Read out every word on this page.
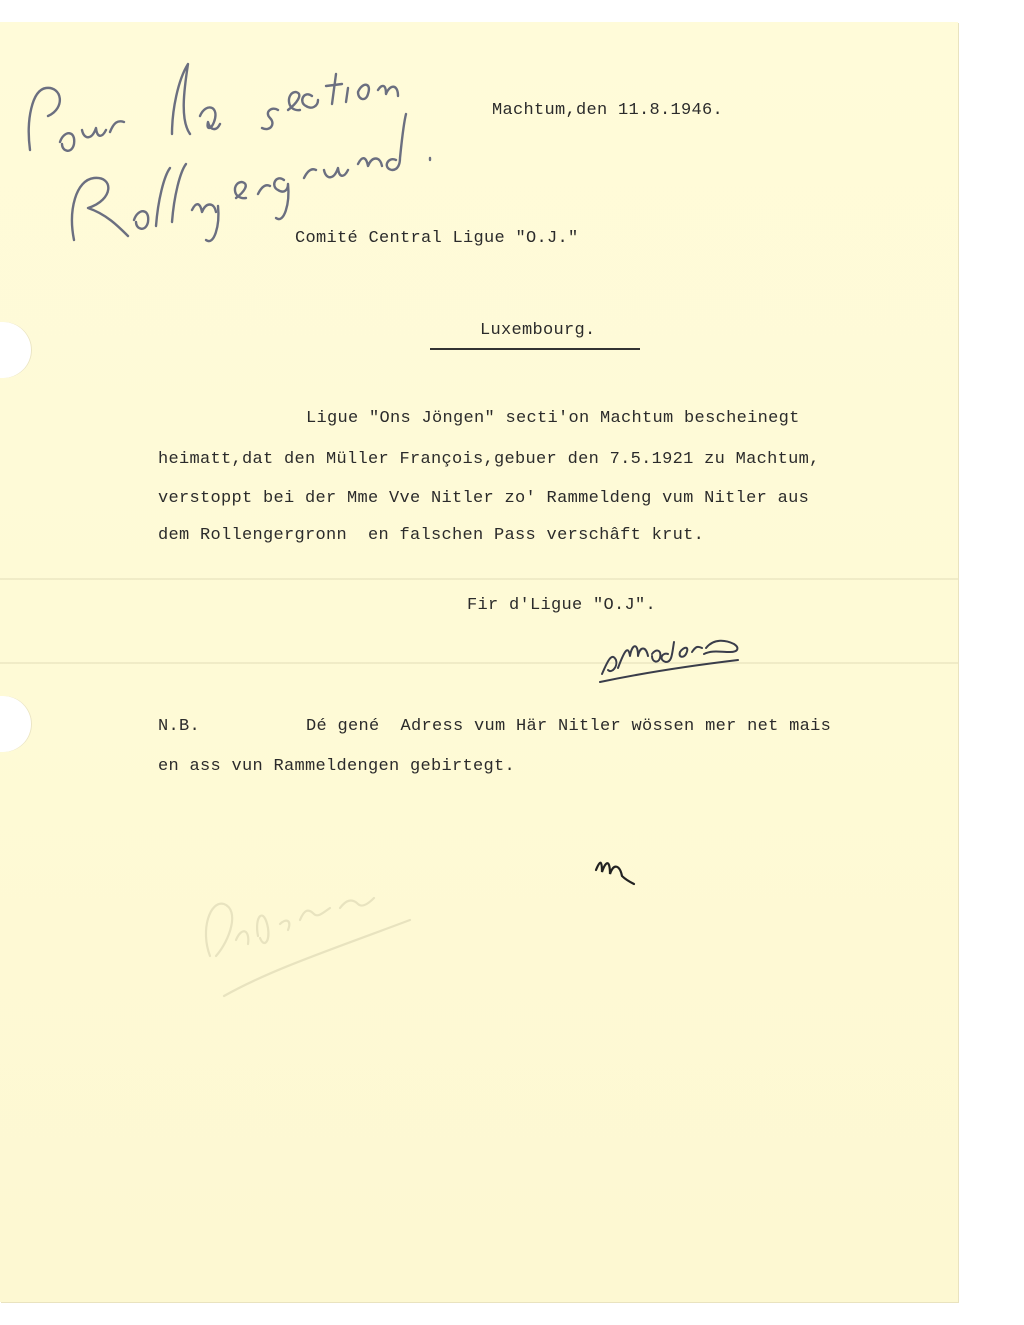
Machtum,den 11.8.1946.
Comité Central Ligue "O.J."
Luxembourg.
Ligue "Ons Jöngen" secti'on Machtum bescheinegt
heimatt,dat den Müller François,gebuer den 7.5.1921 zu Machtum,
verstoppt bei der Mme Vve Nitler zo' Rammeldeng vum Nitler aus
dem Rollengergronn  en falschen Pass verschâft krut.
Fir d'Ligue "O.J".
N.B.	Dé gené  Adress vum Här Nitler wössen mer net mais
en ass vun Rammeldengen gebirtegt.
